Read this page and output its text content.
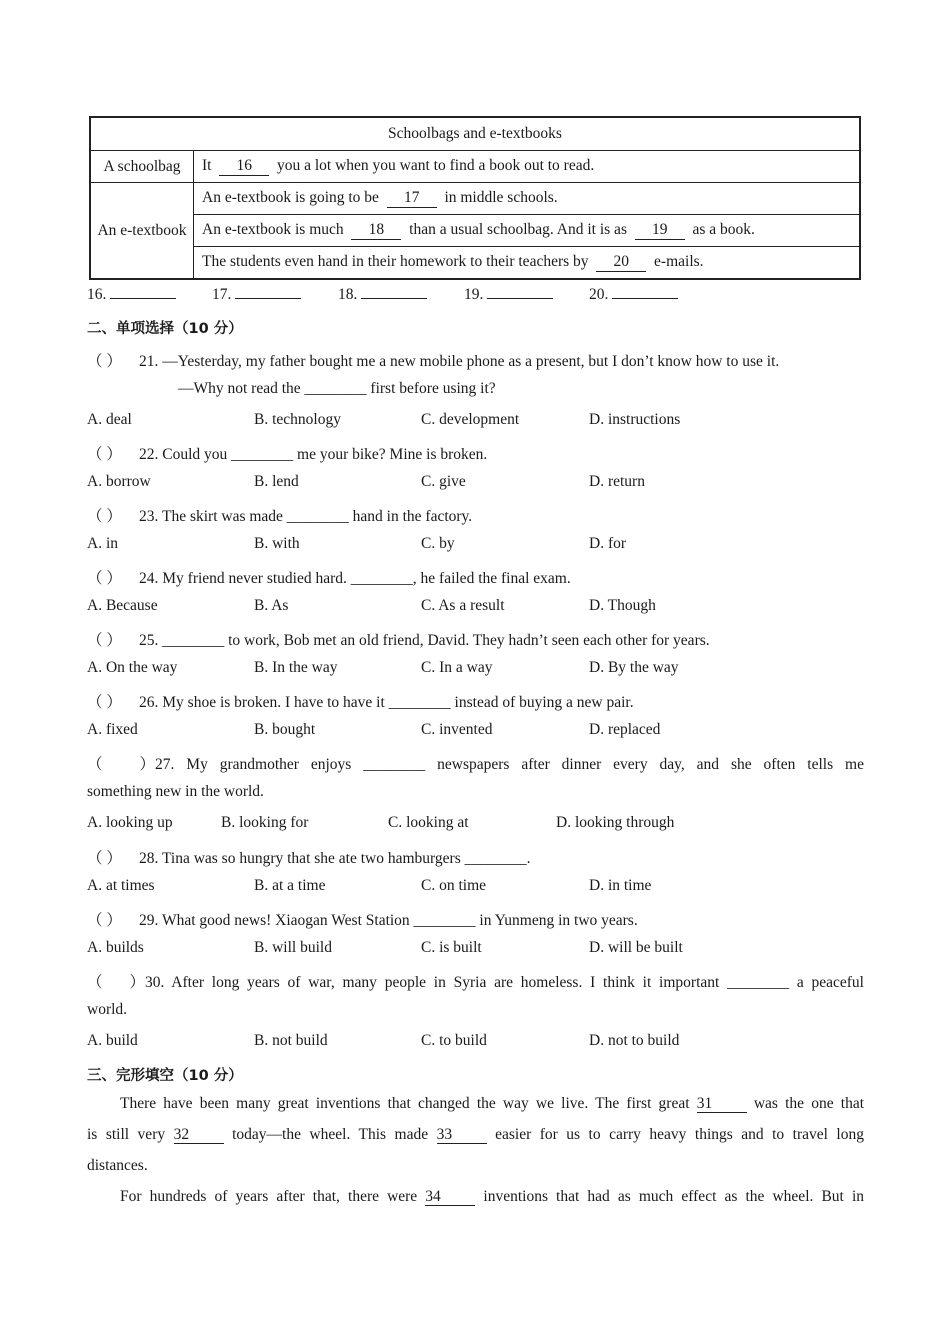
Schoolbags and e-textbooks	
A schoolbag	It 16 you a lot when you want to find a book out to read.
An e-textbook	An e-textbook is going to be 17 in middle schools.
	An e-textbook is much 18 than a usual schoolbag. And it is as 19 as a book.
	The students even hand in their homework to their teachers by 20 e-mails.
16.	17.	18.	19.	20.
二、单项选择（10 分）
（ ） 21. —Yesterday, my father bought me a new mobile phone as a present, but I don’t know how to use it.
—Why not read the ________ first before using it?
A. deal	B. technology	C. development	D. instructions
（ ） 22. Could you ________ me your bike? Mine is broken.
A. borrow	B. lend	C. give	D. return
（ ） 23. The skirt was made ________ hand in the factory.
A. in	B. with	C. by	D. for
（ ） 24. My friend never studied hard. ________, he failed the final exam.
A. Because	B. As	C. As a result	D. Though
（ ） 25. ________ to work, Bob met an old friend, David. They hadn’t seen each other for years.
A. On the way	B. In the way	C. In a way	D. By the way
（ ） 26. My shoe is broken. I have to have it ________ instead of buying a new pair.
A. fixed	B. bought	C. invented	D. replaced
（ ）27. My grandmother enjoys ________ newspapers after dinner every day, and she often tells me
something new in the world.
A. looking up	B. looking for	C. looking at	D. looking through
（ ） 28. Tina was so hungry that she ate two hamburgers ________.
A. at times	B. at a time	C. on time	D. in time
（ ） 29. What good news! Xiaogan West Station ________ in Yunmeng in two years.
A. builds	B. will build	C. is built	D. will be built
（ ）30. After long years of war, many people in Syria are homeless. I think it important ________ a peaceful
world.
A. build	B. not build	C. to build	D. not to build
三、完形填空（10 分）
There have been many great inventions that changed the way we live. The first great 31	was the one that
is still very 32	today—the wheel. This made 33	easier for us to carry heavy things and to travel long
distances.
For hundreds of years after that, there were 34	inventions that had as much effect as the wheel. But in
